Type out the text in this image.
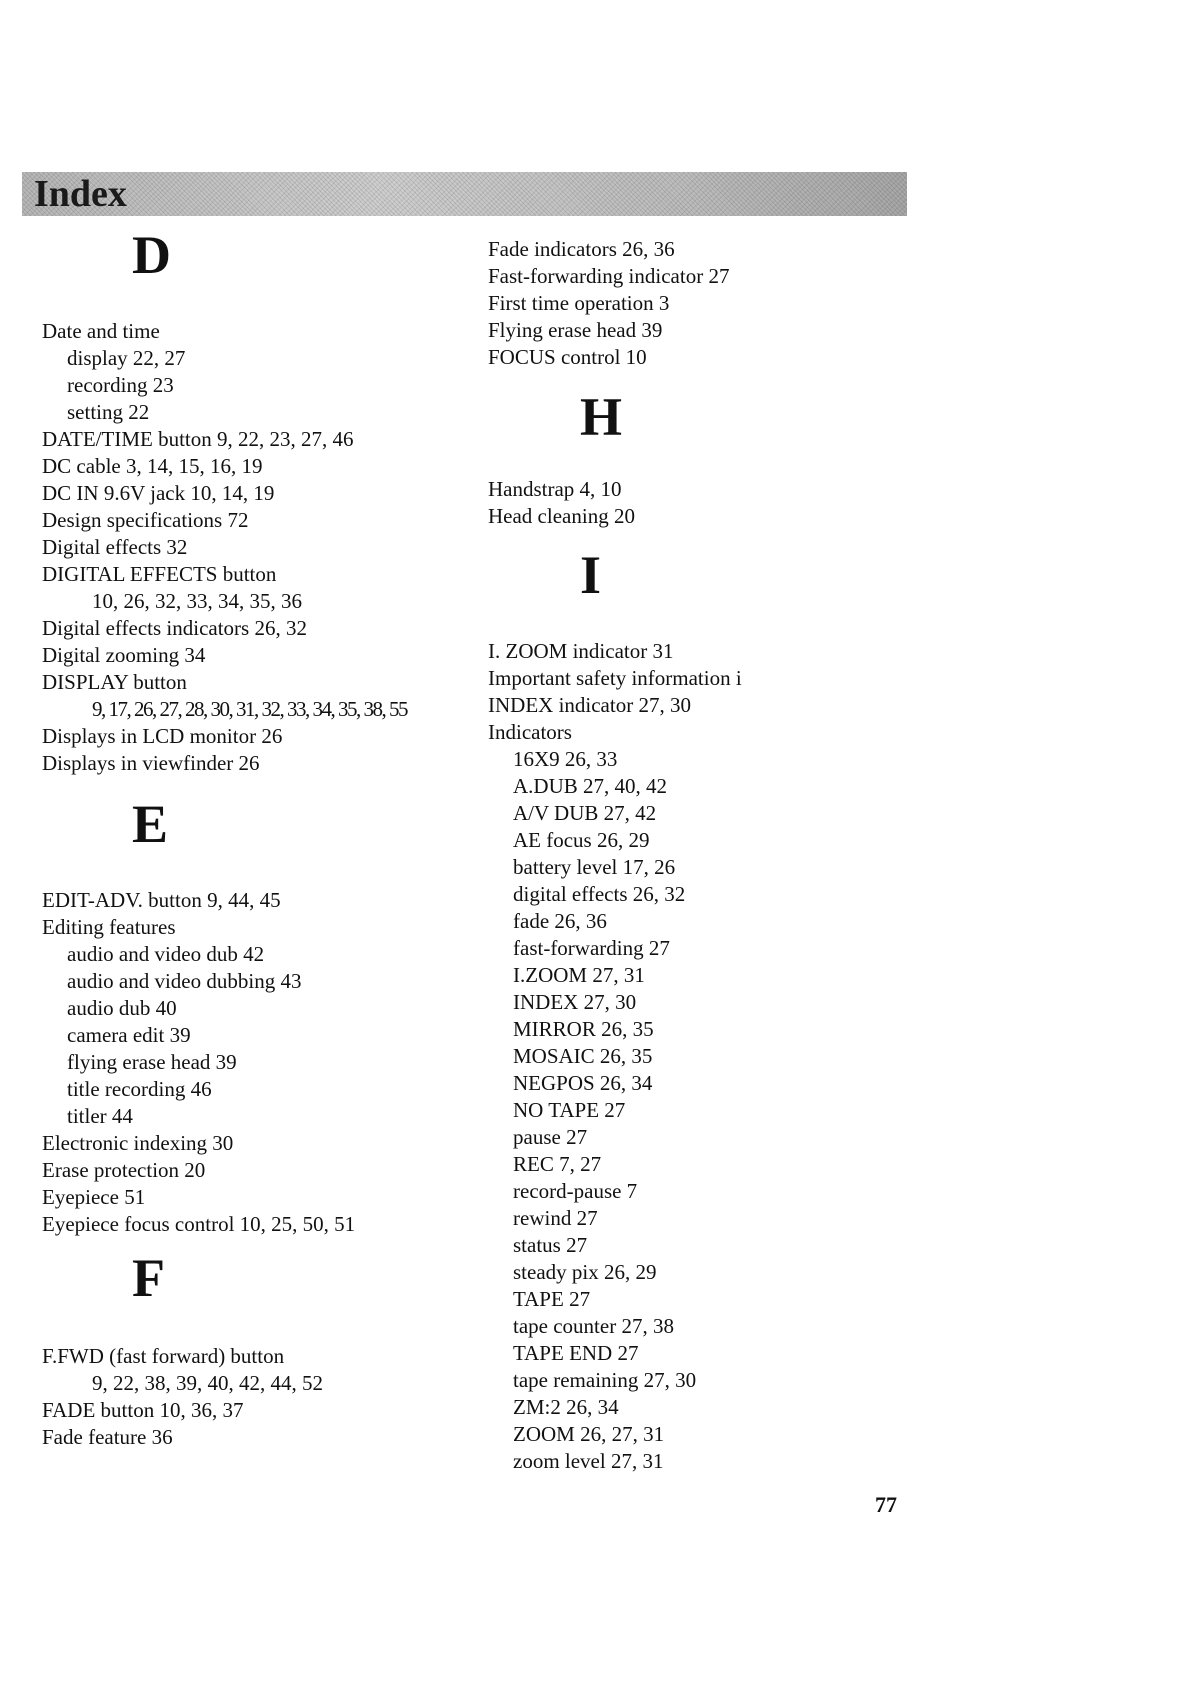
Index
D
Date and time
display 22, 27
recording 23
setting 22
DATE/TIME button 9, 22, 23, 27, 46
DC cable 3, 14, 15, 16, 19
DC IN 9.6V jack 10, 14, 19
Design specifications 72
Digital effects 32
DIGITAL EFFECTS button
10, 26, 32, 33, 34, 35, 36
Digital effects indicators 26, 32
Digital zooming 34
DISPLAY button
9, 17, 26, 27, 28, 30, 31, 32, 33, 34, 35, 38, 55
Displays in LCD monitor 26
Displays in viewfinder 26
E
EDIT-ADV. button 9, 44, 45
Editing features
audio and video dub 42
audio and video dubbing 43
audio dub 40
camera edit 39
flying erase head 39
title recording 46
titler 44
Electronic indexing 30
Erase protection 20
Eyepiece 51
Eyepiece focus control 10, 25, 50, 51
F
F.FWD (fast forward) button
9, 22, 38, 39, 40, 42, 44, 52
FADE button 10, 36, 37
Fade feature 36
Fade indicators 26, 36
Fast-forwarding indicator 27
First time operation 3
Flying erase head 39
FOCUS control 10
H
Handstrap 4, 10
Head cleaning 20
I
I. ZOOM indicator 31
Important safety information i
INDEX indicator 27, 30
Indicators
16X9 26, 33
A.DUB 27, 40, 42
A/V DUB 27, 42
AE focus 26, 29
battery level 17, 26
digital effects 26, 32
fade 26, 36
fast-forwarding 27
I.ZOOM 27, 31
INDEX 27, 30
MIRROR 26, 35
MOSAIC 26, 35
NEGPOS 26, 34
NO TAPE 27
pause 27
REC 7, 27
record-pause 7
rewind 27
status 27
steady pix 26, 29
TAPE 27
tape counter 27, 38
TAPE END 27
tape remaining 27, 30
ZM:2 26, 34
ZOOM 26, 27, 31
zoom level 27, 31
77
